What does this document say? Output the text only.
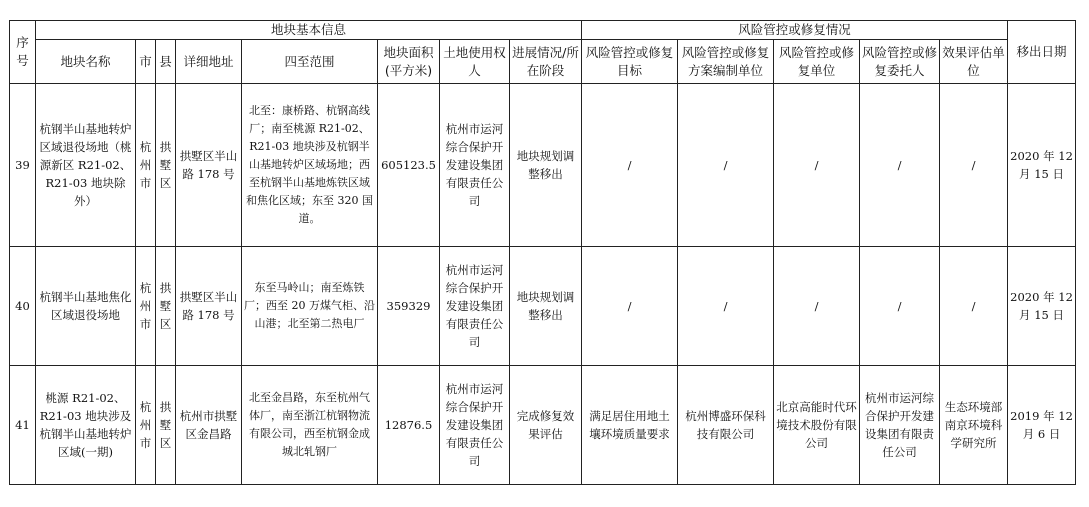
序号	地块基本信息								风险管控或修复情况					移出日期
	地块名称	市	县	详细地址	四至范围	地块面积(平方米)	土地使用权人	进展情况/所在阶段	风险管控或修复目标	风险管控或修复方案编制单位	风险管控或修复单位	风险管控或修复委托人	效果评估单位	
39	杭钢半山基地转炉区域退役场地（桃源新区 R21-02、R21-03 地块除外）	杭州市	拱墅区	拱墅区半山路 178 号	北至：康桥路、杭钢高线厂；南至桃源 R21-02、R21-03 地块涉及杭钢半山基地转炉区域场地；西至杭钢半山基地炼铁区域和焦化区域；东至 320 国道。	605123.5	杭州市运河综合保护开发建设集团有限责任公司	地块规划调整移出	/	/	/	/	/	2020 年 12 月 15 日
40	杭钢半山基地焦化区域退役场地	杭州市	拱墅区	拱墅区半山路 178 号	东至马岭山；南至炼铁厂；西至 20 万煤气柜、沿山港；北至第二热电厂	359329	杭州市运河综合保护开发建设集团有限责任公司	地块规划调整移出	/	/	/	/	/	2020 年 12 月 15 日
41	桃源 R21-02、R21-03 地块涉及杭钢半山基地转炉区域(一期)	杭州市	拱墅区	杭州市拱墅区金昌路	北至金昌路，东至杭州气体厂，南至浙江杭钢物流有限公司，西至杭钢金成城北轧钢厂	12876.5	杭州市运河综合保护开发建设集团有限责任公司	完成修复效果评估	满足居住用地土壤环境质量要求	杭州博盛环保科技有限公司	北京高能时代环境技术股份有限公司	杭州市运河综合保护开发建设集团有限责任公司	生态环境部南京环境科学研究所	2019 年 12 月 6 日
